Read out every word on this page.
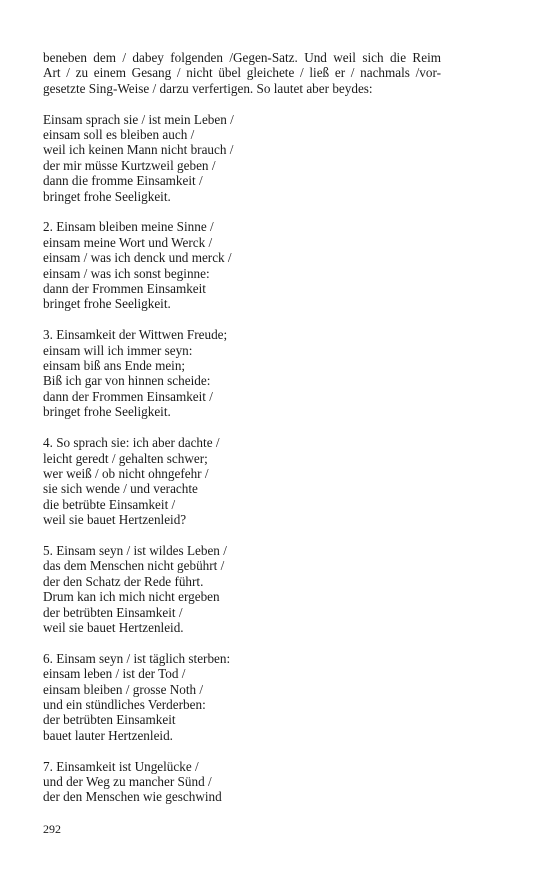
beneben dem / dabey folgenden /Gegen-Satz. Und weil sich die Reim
Art / zu einem Gesang / nicht übel gleichete / ließ er / nachmals /vor-
gesetzte Sing-Weise / darzu verfertigen. So lautet aber beydes:
Einsam sprach sie / ist mein Leben /
einsam soll es bleiben auch /
weil ich keinen Mann nicht brauch /
der mir müsse Kurtzweil geben /
dann die fromme Einsamkeit /
bringet frohe Seeligkeit.
2. Einsam bleiben meine Sinne /
einsam meine Wort und Werck /
einsam / was ich denck und merck /
einsam / was ich sonst beginne:
dann der Frommen Einsamkeit
bringet frohe Seeligkeit.
3. Einsamkeit der Wittwen Freude;
einsam will ich immer seyn:
einsam biß ans Ende mein;
Biß ich gar von hinnen scheide:
dann der Frommen Einsamkeit /
bringet frohe Seeligkeit.
4. So sprach sie: ich aber dachte /
leicht geredt / gehalten schwer;
wer weiß / ob nicht ohngefehr /
sie sich wende / und verachte
die betrübte Einsamkeit /
weil sie bauet Hertzenleid?
5. Einsam seyn / ist wildes Leben /
das dem Menschen nicht gebührt /
der den Schatz der Rede führt.
Drum kan ich mich nicht ergeben
der betrübten Einsamkeit /
weil sie bauet Hertzenleid.
6. Einsam seyn / ist täglich sterben:
einsam leben / ist der Tod /
einsam bleiben / grosse Noth /
und ein stündliches Verderben:
der betrübten Einsamkeit
bauet lauter Hertzenleid.
7. Einsamkeit ist Ungelücke /
und der Weg zu mancher Sünd /
der den Menschen wie geschwind
292
